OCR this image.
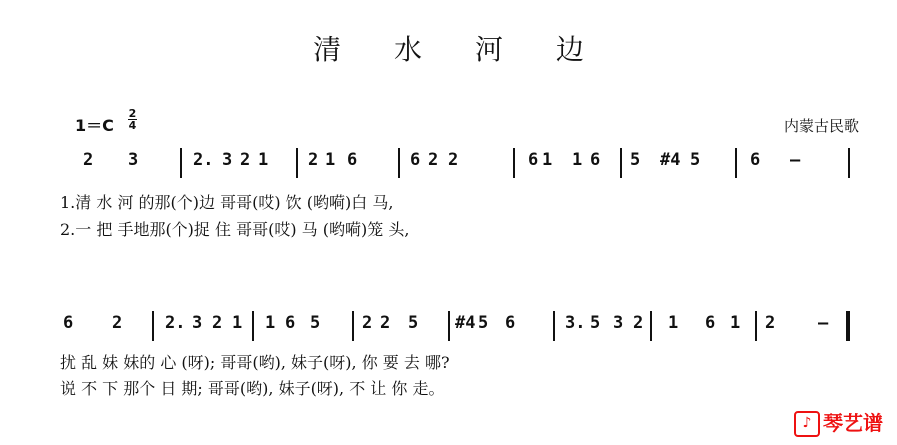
清 水 河 边
1＝C
2
4	内蒙古民歌
2 3	2. 3 2 1 2 1 6	6 2 2	6 1 1 6 5 #4 5	6 –
1.清 水 河 的那(个)边 哥哥(哎) 饮 (哟嗬)白 马,
2.一 把 手地那(个)捉 住 哥哥(哎) 马 (哟嗬)笼 头,
6 2	2. 3 2 1 1 6 5 2 2 5 #4 5 6	3. 5 3 2 1 6 1 2	–
扰 乱 妹 妹的 心 (呀); 哥哥(哟), 妹子(呀), 你 要 去 哪?
说 不 下 那个 日 期; 哥哥(哟), 妹子(呀), 不 让 你 走。
♪ 琴艺谱
